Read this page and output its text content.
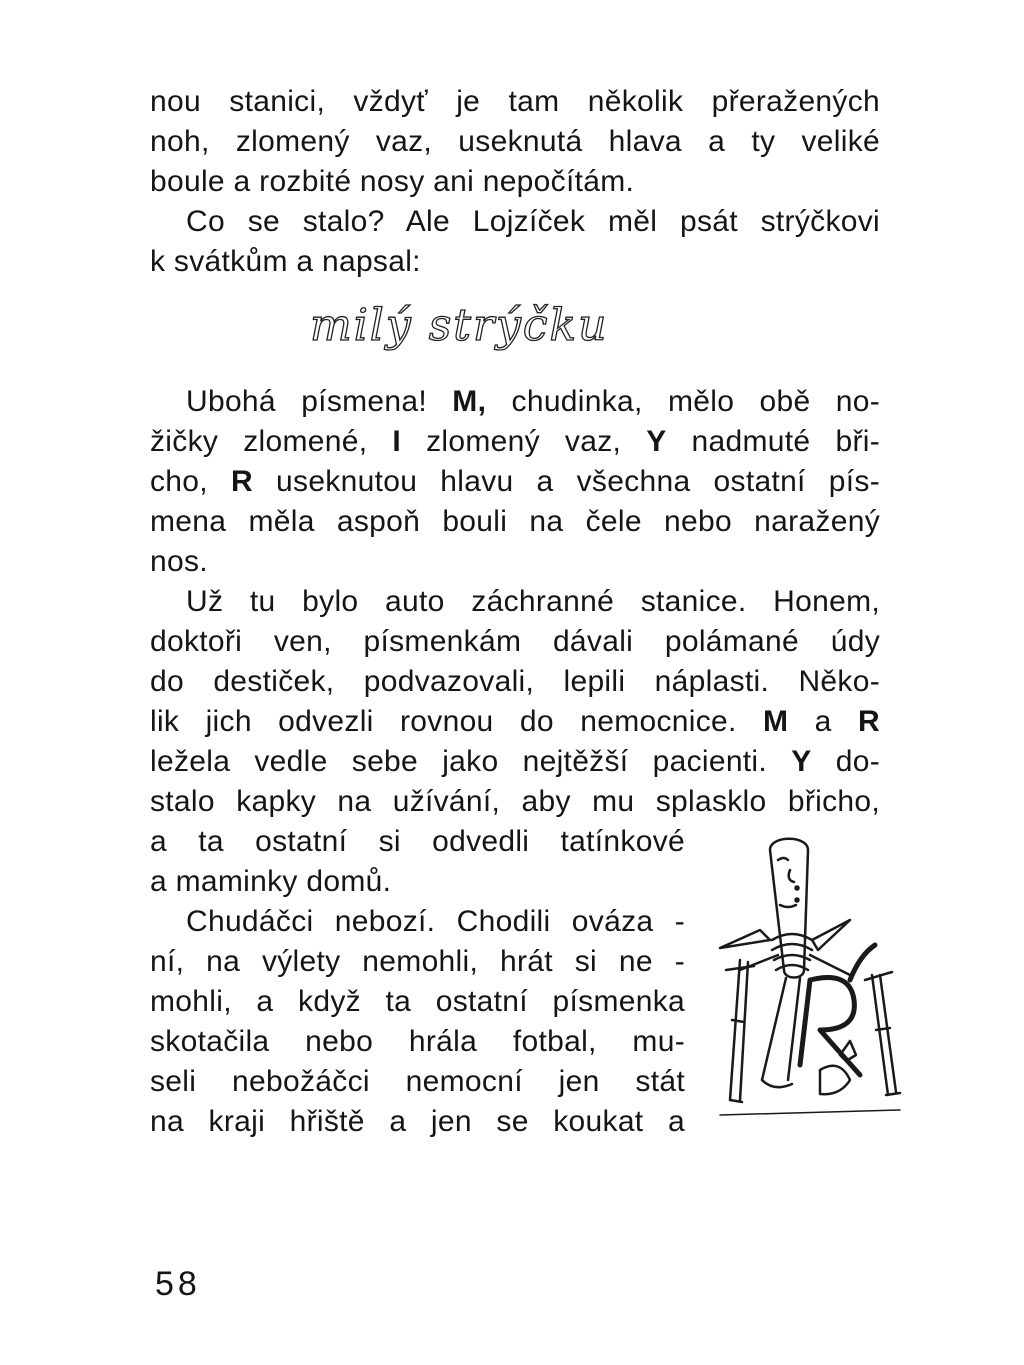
nou stanici, vždyť je tam několik přeražených
noh, zlomený vaz, useknutá hlava a ty veliké
boule a rozbité nosy ani nepočítám.
Co se stalo? Ale Lojzíček měl psát strýčkovi
k svátkům a napsal:
milý strýčku
Ubohá písmena! M, chudinka, mělo obě no-
žičky zlomené, I zlomený vaz, Y nadmuté bři-
cho, R useknutou hlavu a všechna ostatní pís-
mena měla aspoň bouli na čele nebo naražený
nos.
Už tu bylo auto záchranné stanice. Honem,
doktoři ven, písmenkám dávali polámané údy
do destiček, podvazovali, lepili náplasti. Něko-
lik jich odvezli rovnou do nemocnice. M a R
ležela vedle sebe jako nejtěžší pacienti. Y do-
stalo kapky na užívání, aby mu splasklo břicho,
a ta ostatní si odvedli tatínkové
a maminky domů.
Chudáčci nebozí. Chodili ováza -
ní, na výlety nemohli, hrát si ne -
mohli, a když ta ostatní písmenka
skotačila nebo hrála fotbal, mu-
seli nebožáčci nemocní jen stát
na kraji hřiště a jen se koukat a
58
